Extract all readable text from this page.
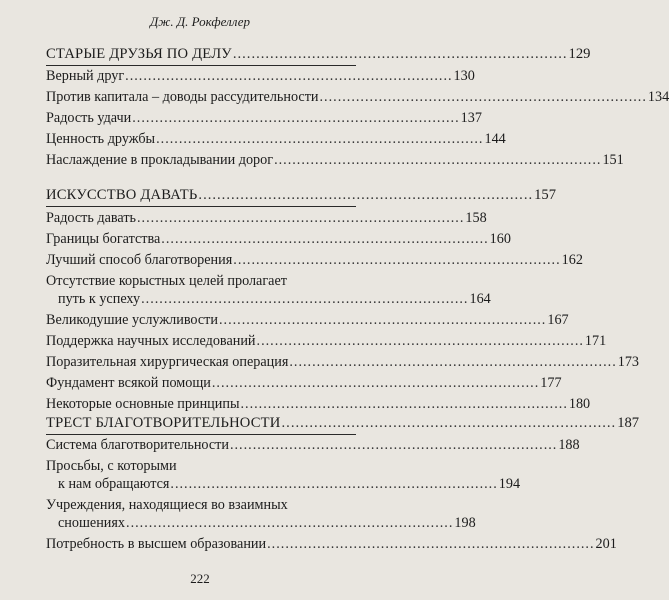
Дж. Д. Рокфеллер
СТАРЫЕ ДРУЗЬЯ ПО ДЕЛУ ........................................................................ 129
Верный друг ........................................................................ 130
Против капитала – доводы рассудительности ........................................................................ 134
Радость удачи ........................................................................ 137
Ценность дружбы ........................................................................ 144
Наслаждение в прокладывании дорог ........................................................................ 151
ИСКУССТВО ДАВАТЬ ........................................................................ 157
Радость давать ........................................................................ 158
Границы богатства ........................................................................ 160
Лучший способ благотворения ........................................................................ 162
Отсутствие корыстных целей пролагает
путь к успеху ........................................................................ 164
Великодушие услужливости ........................................................................ 167
Поддержка научных исследований ........................................................................ 171
Поразительная хирургическая операция ........................................................................ 173
Фундамент всякой помощи ........................................................................ 177
Некоторые основные принципы ........................................................................ 180
ТРЕСТ БЛАГОТВОРИТЕЛЬНОСТИ ........................................................................ 187
Система благотворительности ........................................................................ 188
Просьбы, с которыми
к нам обращаются ........................................................................ 194
Учреждения, находящиеся во взаимных
сношениях ........................................................................ 198
Потребность в высшем образовании ........................................................................ 201
222
